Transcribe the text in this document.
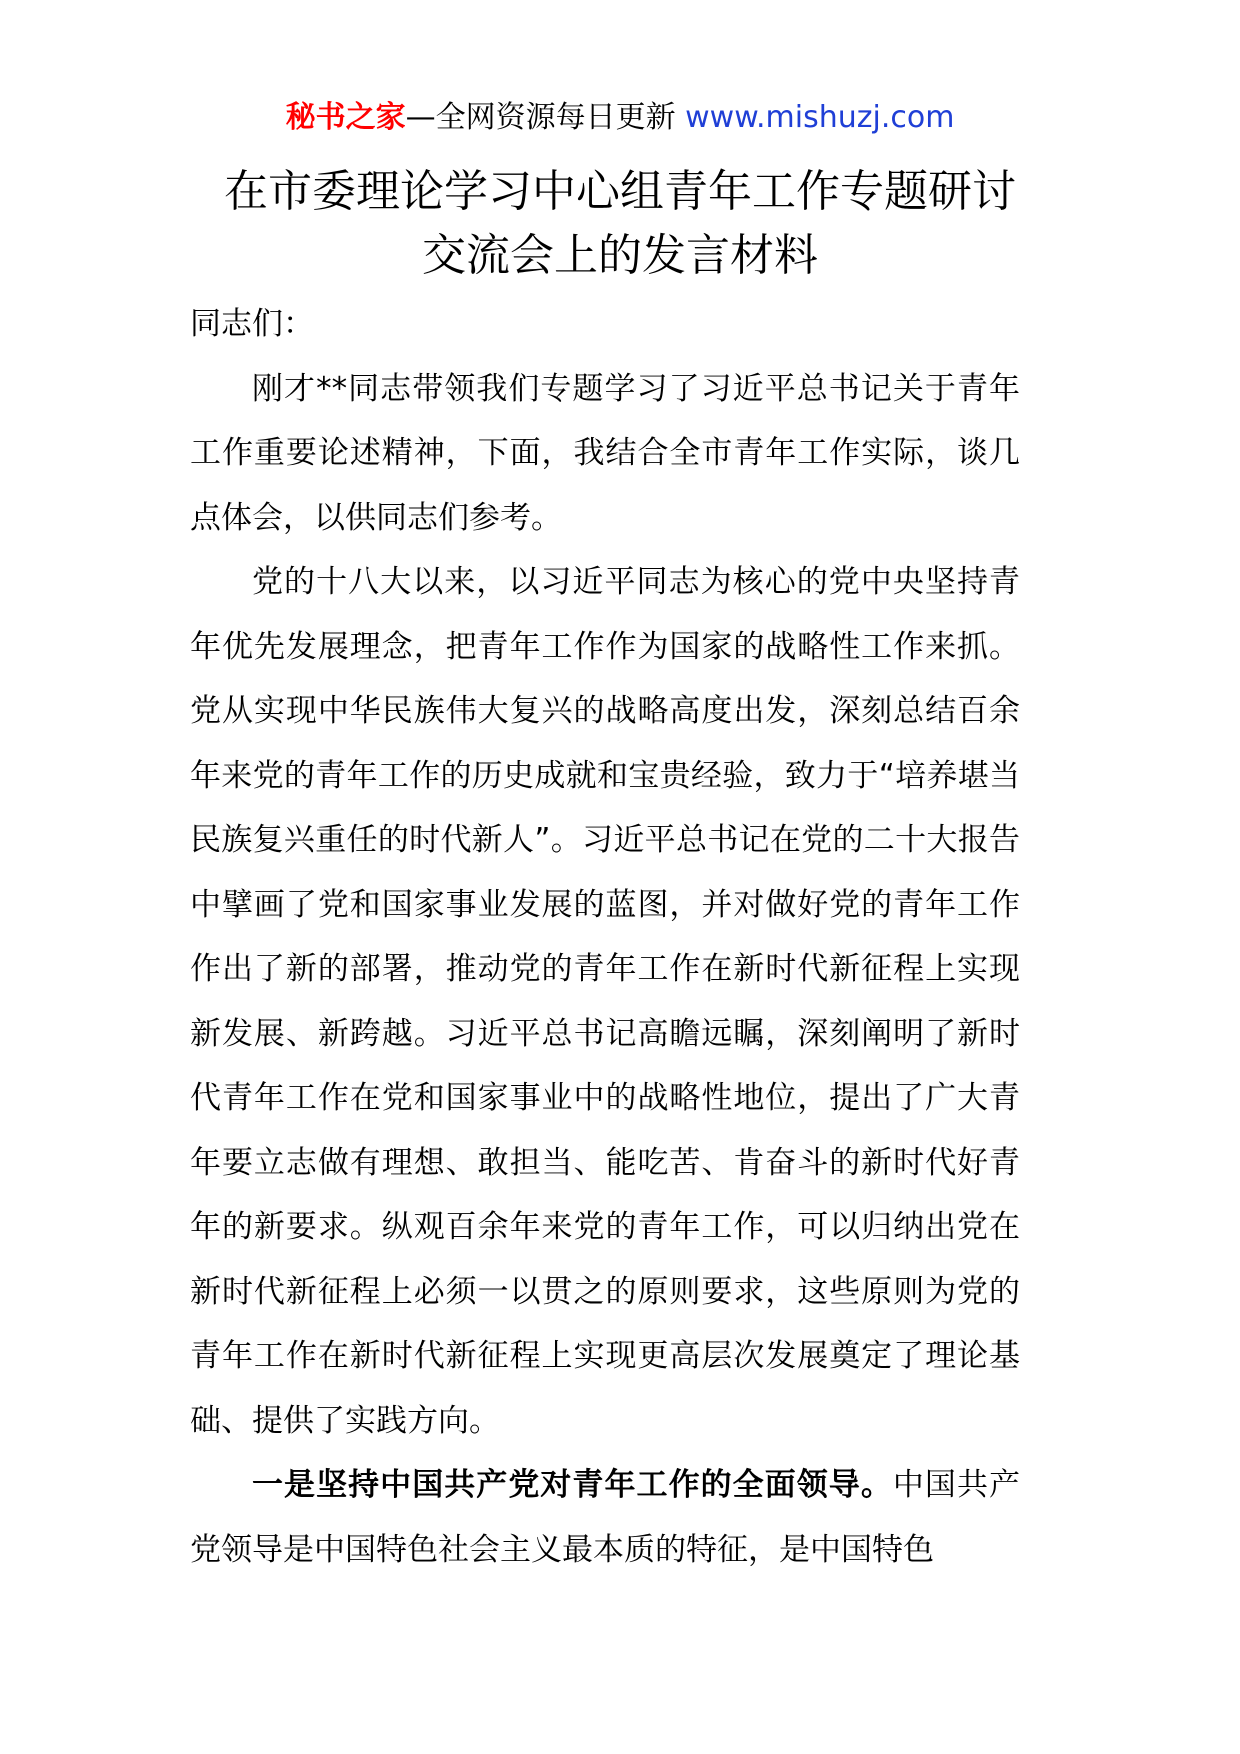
秘书之家—全网资源每日更新 www.mishuzj.com
在市委理论学习中心组青年工作专题研讨
交流会上的发言材料

同志们：

刚才**同志带领我们专题学习了习近平总书记关于青年工作重要论述精神，下面，我结合全市青年工作实际，谈几点体会，以供同志们参考。

党的十八大以来，以习近平同志为核心的党中央坚持青年优先发展理念，把青年工作作为国家的战略性工作来抓。党从实现中华民族伟大复兴的战略高度出发，深刻总结百余年来党的青年工作的历史成就和宝贵经验，致力于“培养堪当民族复兴重任的时代新人”。习近平总书记在党的二十大报告中擘画了党和国家事业发展的蓝图，并对做好党的青年工作作出了新的部署，推动党的青年工作在新时代新征程上实现新发展、新跨越。习近平总书记高瞻远瞩，深刻阐明了新时代青年工作在党和国家事业中的战略性地位，提出了广大青年要立志做有理想、敢担当、能吃苦、肯奋斗的新时代好青年的新要求。纵观百余年来党的青年工作，可以归纳出党在新时代新征程上必须一以贯之的原则要求，这些原则为党的青年工作在新时代新征程上实现更高层次发展奠定了理论基础、提供了实践方向。

一是坚持中国共产党对青年工作的全面领导。中国共产党领导是中国特色社会主义最本质的特征，是中国特色
